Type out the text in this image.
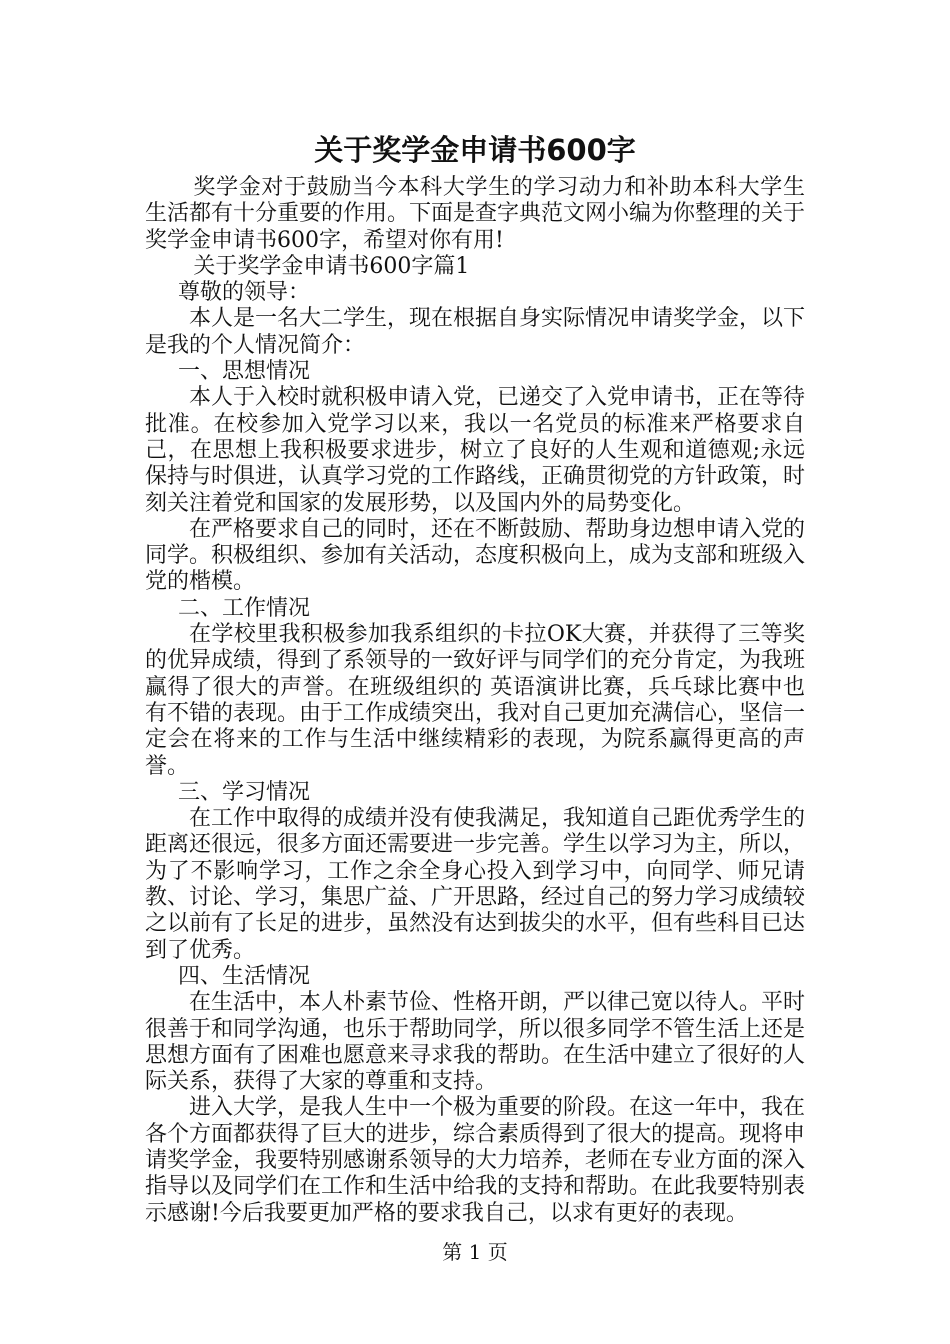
关于奖学金申请书600字

奖学金对于鼓励当今本科大学生的学习动力和补助本科大学生生活都有十分重要的作用。下面是查字典范文网小编为你整理的关于奖学金申请书600字，希望对你有用!

关于奖学金申请书600字篇1

尊敬的领导：

本人是一名大二学生，现在根据自身实际情况申请奖学金，以下是我的个人情况简介：

一、思想情况

本人于入校时就积极申请入党，已递交了入党申请书，正在等待批准。在校参加入党学习以来，我以一名党员的标准来严格要求自己，在思想上我积极要求进步，树立了良好的人生观和道德观;永远保持与时俱进，认真学习党的工作路线，正确贯彻党的方针政策，时刻关注着党和国家的发展形势，以及国内外的局势变化。

在严格要求自己的同时，还在不断鼓励、帮助身边想申请入党的同学。积极组织、参加有关活动，态度积极向上，成为支部和班级入党的楷模。

二、工作情况

在学校里我积极参加我系组织的卡拉OK大赛，并获得了三等奖的优异成绩，得到了系领导的一致好评与同学们的充分肯定，为我班赢得了很大的声誉。在班级组织的 英语演讲比赛，兵乓球比赛中也有不错的表现。由于工作成绩突出，我对自己更加充满信心，坚信一定会在将来的工作与生活中继续精彩的表现，为院系赢得更高的声誉。

三、学习情况

在工作中取得的成绩并没有使我满足，我知道自己距优秀学生的距离还很远，很多方面还需要进一步完善。学生以学习为主，所以，为了不影响学习，工作之余全身心投入到学习中，向同学、师兄请教、讨论、学习，集思广益、广开思路，经过自己的努力学习成绩较之以前有了长足的进步，虽然没有达到拔尖的水平，但有些科目已达到了优秀。

四、生活情况

在生活中，本人朴素节俭、性格开朗，严以律己宽以待人。平时很善于和同学沟通，也乐于帮助同学，所以很多同学不管生活上还是思想方面有了困难也愿意来寻求我的帮助。在生活中建立了很好的人际关系，获得了大家的尊重和支持。

进入大学，是我人生中一个极为重要的阶段。在这一年中，我在各个方面都获得了巨大的进步，综合素质得到了很大的提高。现将申请奖学金，我要特别感谢系领导的大力培养，老师在专业方面的深入指导以及同学们在工作和生活中给我的支持和帮助。在此我要特别表示感谢!今后我要更加严格的要求我自己，以求有更好的表现。

第 1 页
